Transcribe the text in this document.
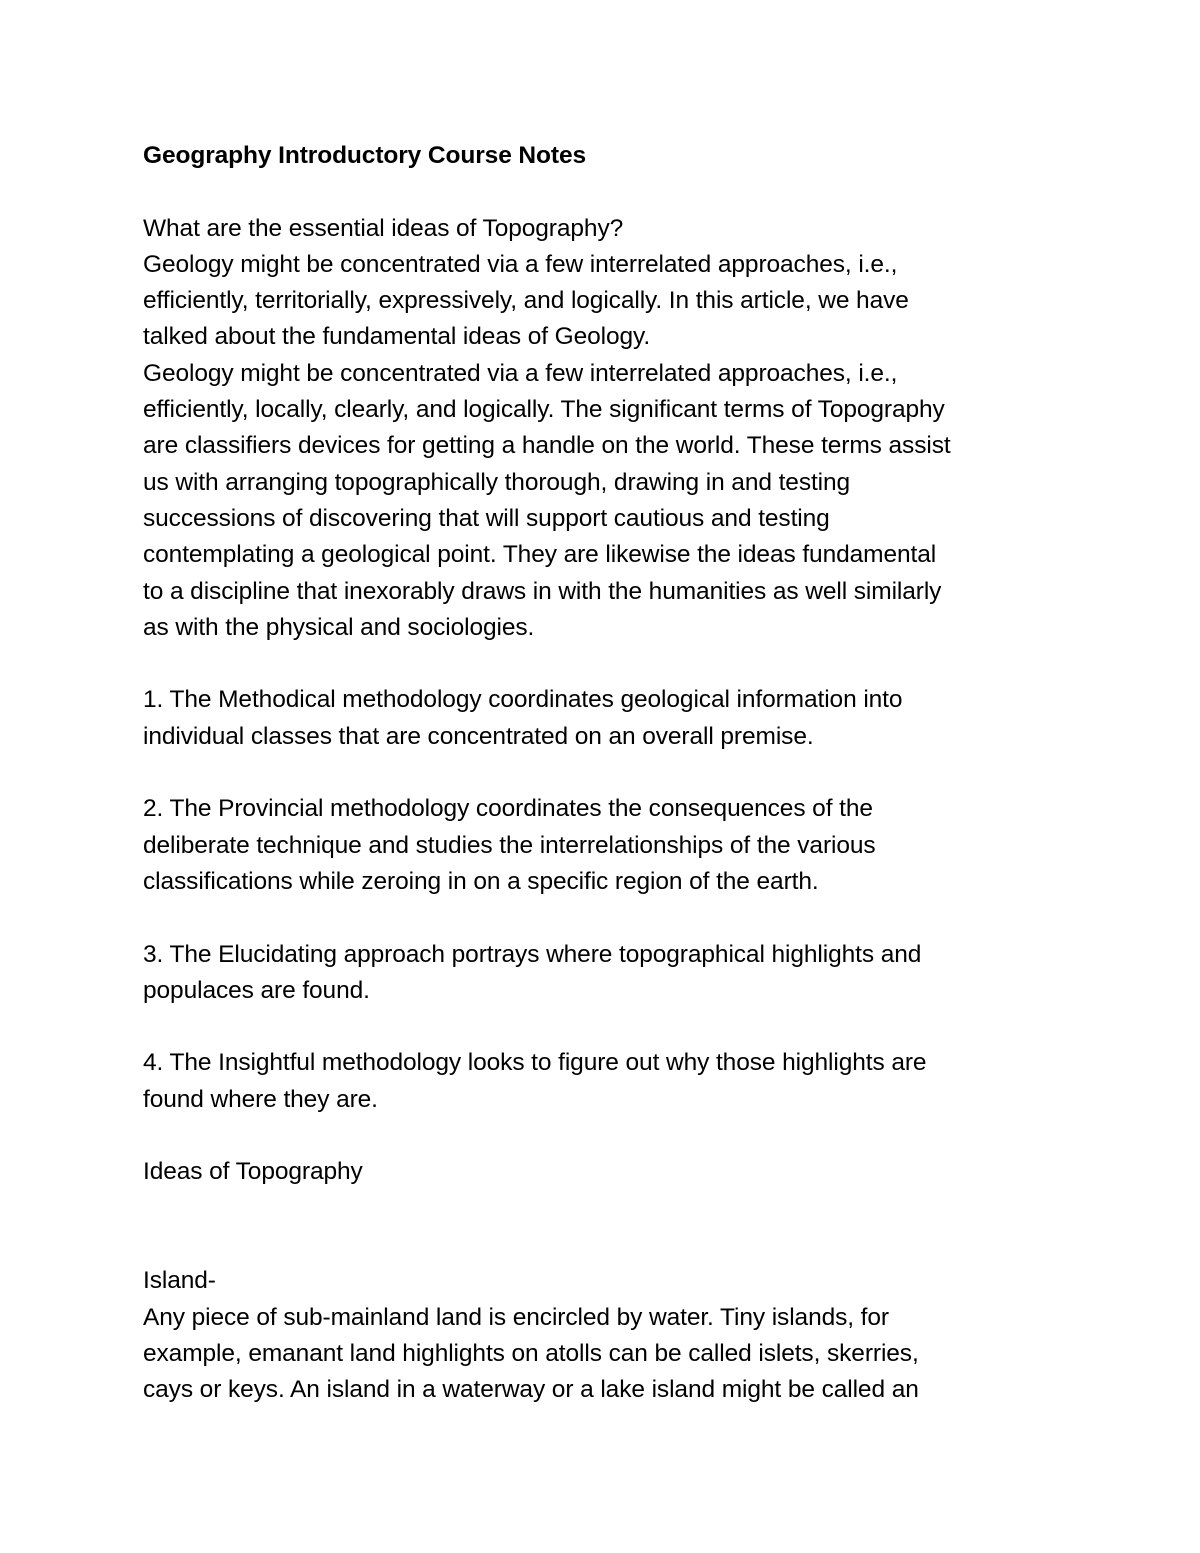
Geography Introductory Course Notes
What are the essential ideas of Topography?
Geology might be concentrated via a few interrelated approaches, i.e.,
efficiently, territorially, expressively, and logically. In this article, we have
talked about the fundamental ideas of Geology.
Geology might be concentrated via a few interrelated approaches, i.e.,
efficiently, locally, clearly, and logically. The significant terms of Topography
are classifiers devices for getting a handle on the world. These terms assist
us with arranging topographically thorough, drawing in and testing
successions of discovering that will support cautious and testing
contemplating a geological point. They are likewise the ideas fundamental
to a discipline that inexorably draws in with the humanities as well similarly
as with the physical and sociologies.
1. The Methodical methodology coordinates geological information into
individual classes that are concentrated on an overall premise.
2. The Provincial methodology coordinates the consequences of the
deliberate technique and studies the interrelationships of the various
classifications while zeroing in on a specific region of the earth.
3. The Elucidating approach portrays where topographical highlights and
populaces are found.
4. The Insightful methodology looks to figure out why those highlights are
found where they are.
Ideas of Topography
Island-
Any piece of sub-mainland land is encircled by water. Tiny islands, for
example, emanant land highlights on atolls can be called islets, skerries,
cays or keys. An island in a waterway or a lake island might be called an
